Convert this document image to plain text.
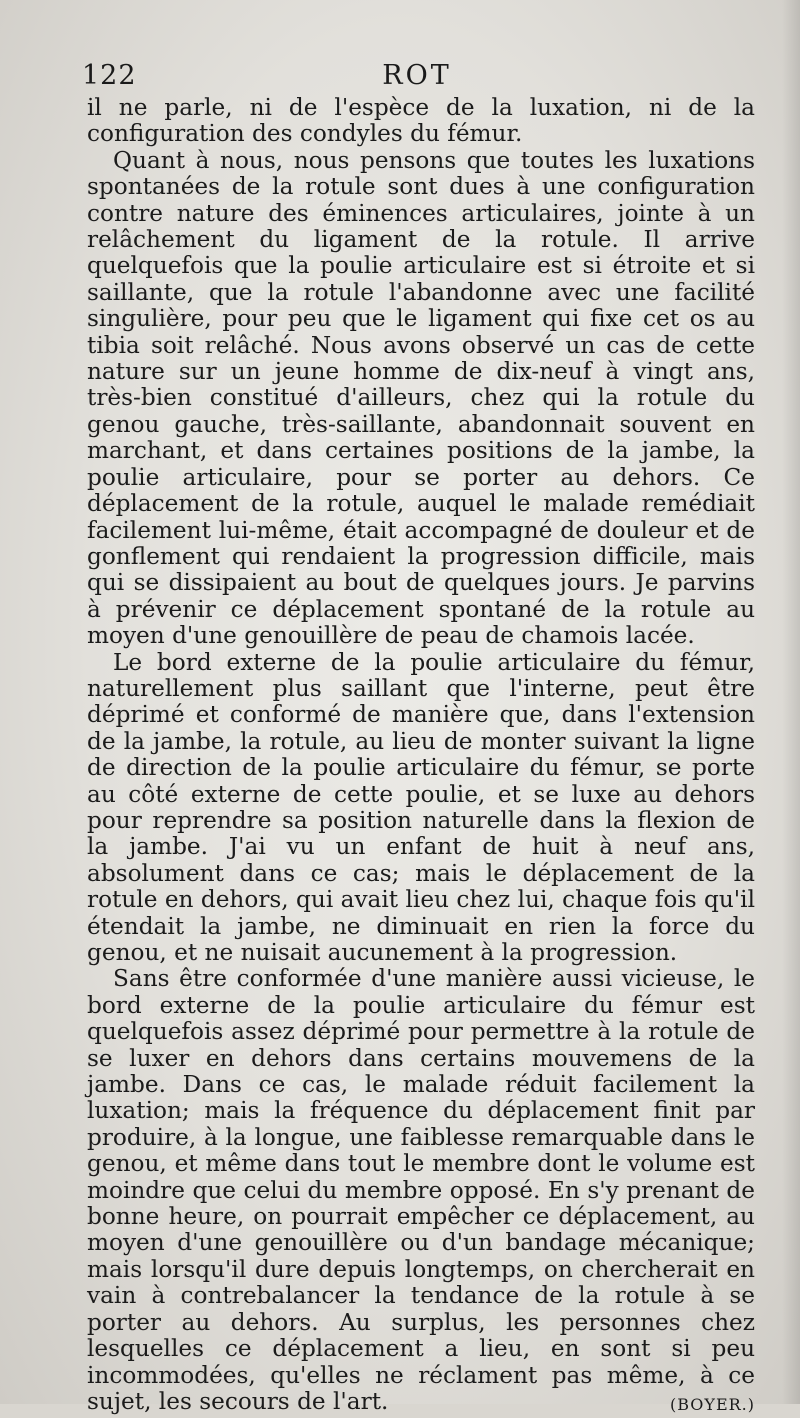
122	ROT

il ne parle, ni de l'espèce de la luxation, ni de la configuration des condyles du fémur.

Quant à nous, nous pensons que toutes les luxations spontanées de la rotule sont dues à une configuration contre nature des éminences articulaires, jointe à un relâchement du ligament de la rotule. Il arrive quelquefois que la poulie articulaire est si étroite et si saillante, que la rotule l'abandonne avec une facilité singulière, pour peu que le ligament qui fixe cet os au tibia soit relâché. Nous avons observé un cas de cette nature sur un jeune homme de dix-neuf à vingt ans, très-bien constitué d'ailleurs, chez qui la rotule du genou gauche, très-saillante, abandonnait souvent en marchant, et dans certaines positions de la jambe, la poulie articulaire, pour se porter au dehors. Ce déplacement de la rotule, auquel le malade remédiait facilement lui-même, était accompagné de douleur et de gonflement qui rendaient la progression difficile, mais qui se dissipaient au bout de quelques jours. Je parvins à prévenir ce déplacement spontané de la rotule au moyen d'une genouillère de peau de chamois lacée.

Le bord externe de la poulie articulaire du fémur, naturellement plus saillant que l'interne, peut être déprimé et conformé de manière que, dans l'extension de la jambe, la rotule, au lieu de monter suivant la ligne de direction de la poulie articulaire du fémur, se porte au côté externe de cette poulie, et se luxe au dehors pour reprendre sa position naturelle dans la flexion de la jambe. J'ai vu un enfant de huit à neuf ans, absolument dans ce cas; mais le déplacement de la rotule en dehors, qui avait lieu chez lui, chaque fois qu'il étendait la jambe, ne diminuait en rien la force du genou, et ne nuisait aucunement à la progression.

Sans être conformée d'une manière aussi vicieuse, le bord externe de la poulie articulaire du fémur est quelquefois assez déprimé pour permettre à la rotule de se luxer en dehors dans certains mouvemens de la jambe. Dans ce cas, le malade réduit facilement la luxation; mais la fréquence du déplacement finit par produire, à la longue, une faiblesse remarquable dans le genou, et même dans tout le membre dont le volume est moindre que celui du membre opposé. En s'y prenant de bonne heure, on pourrait empêcher ce déplacement, au moyen d'une genouillère ou d'un bandage mécanique; mais lorsqu'il dure depuis longtemps, on chercherait en vain à contrebalancer la tendance de la rotule à se porter au dehors. Au surplus, les personnes chez lesquelles ce déplacement a lieu, en sont si peu incommodées, qu'elles ne réclament pas même, à ce sujet, les secours de l'art.	(BOYER.)
